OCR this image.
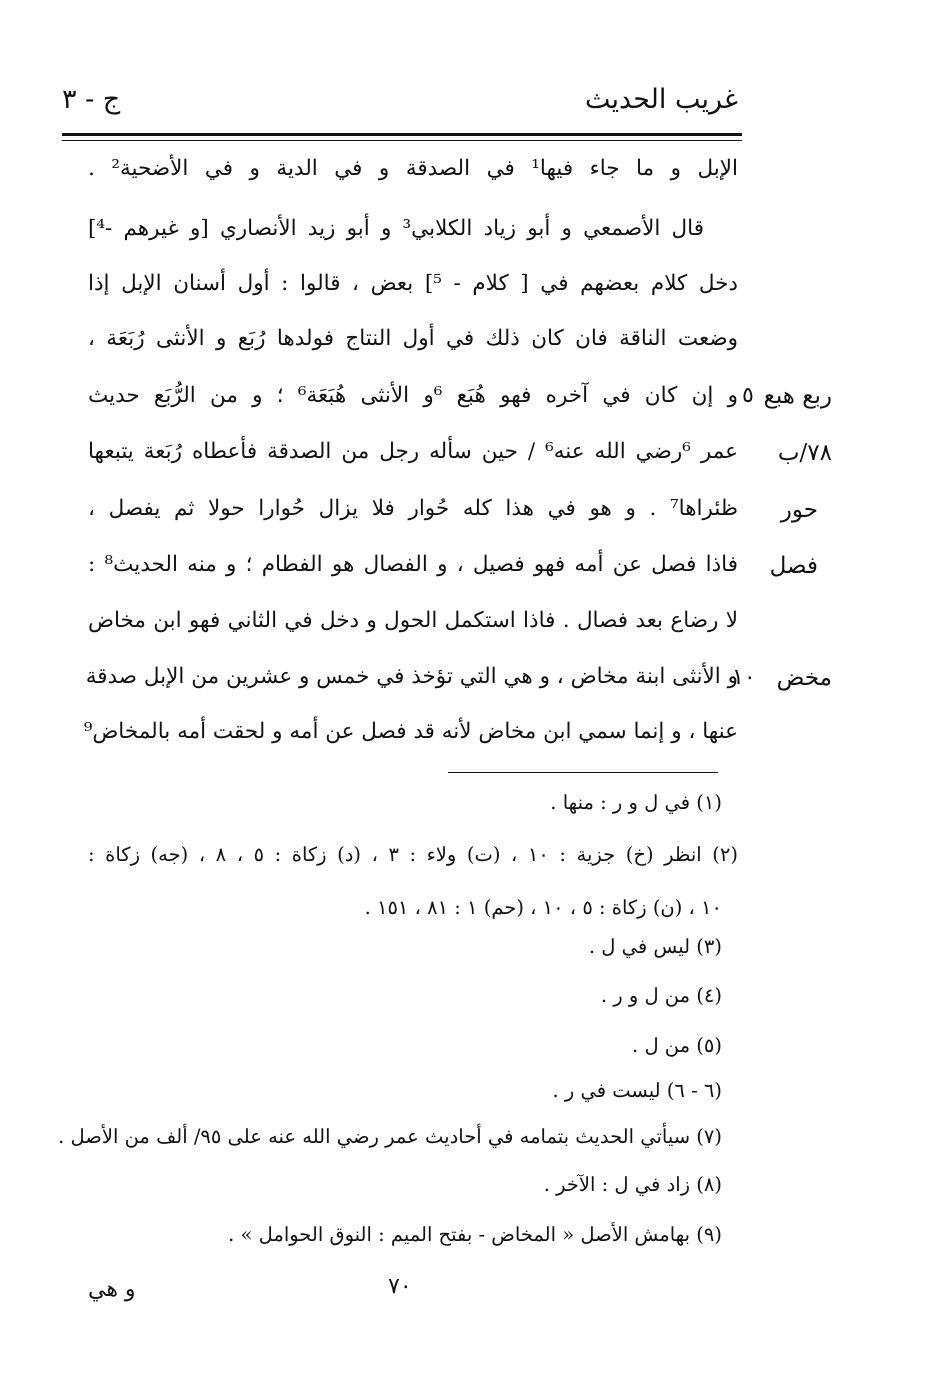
غريب الحديث
ج - ٣
الإبل و ما جاء فيها¹ في الصدقة و في الدية و في الأضحية² .
قال الأصمعي و أبو زياد الكلابي³ و أبو زيد الأنصاري [و غيرهم -⁴]
دخل كلام بعضهم في [ كلام - ⁵] بعض ، قالوا : أول أسنان الإبل إذا
وضعت الناقة فان كان ذلك في أول النتاج فولدها رُبَع و الأنثى رُبَعَة ،
و إن كان في آخره فهو هُبَع ⁶و الأنثى هُبَعَة⁶ ؛ و من الرُّبَع حديث
عمر ⁶رضي الله عنه⁶ / حين سأله رجل من الصدقة فأعطاه رُبَعة يتبعها
ظئراها⁷ . و هو في هذا كله حُوار فلا يزال حُوارا حولا ثم يفصل ،
فاذا فصل عن أمه فهو فصيل ، و الفصال هو الفطام ؛ و منه الحديث⁸ :
لا رضاع بعد فصال . فاذا استكمل الحول و دخل في الثاني فهو ابن مخاض
و الأنثى ابنة مخاض ، و هي التي تؤخذ في خمس و عشرين من الإبل صدقة
عنها ، و إنما سمي ابن مخاض لأنه قد فصل عن أمه و لحقت أمه بالمخاض⁹
ربع هبع
٥
٧٨/ب
حور
فصل
مخض
١٠
(١) في ل و ر : منها .
(٢) انظر (خ) جزية : ١٠ ، (ت) ولاء : ٣ ، (د) زكاة : ٥ ، ٨ ، (جه) زكاة :
١٠ ، (ن) زكاة : ٥ ، ١٠ ، (حم) ١ : ٨١ ، ١٥١ .
(٣) ليس في ل .
(٤) من ل و ر .
(٥) من ل .
(٦ - ٦) ليست في ر .
(٧) سيأتي الحديث بتمامه في أحاديث عمر رضي الله عنه على ٩٥/ ألف من الأصل .
(٨) زاد في ل : الآخر .
(٩) بهامش الأصل « المخاض - بفتح الميم : النوق الحوامل » .
٧٠
و هي
